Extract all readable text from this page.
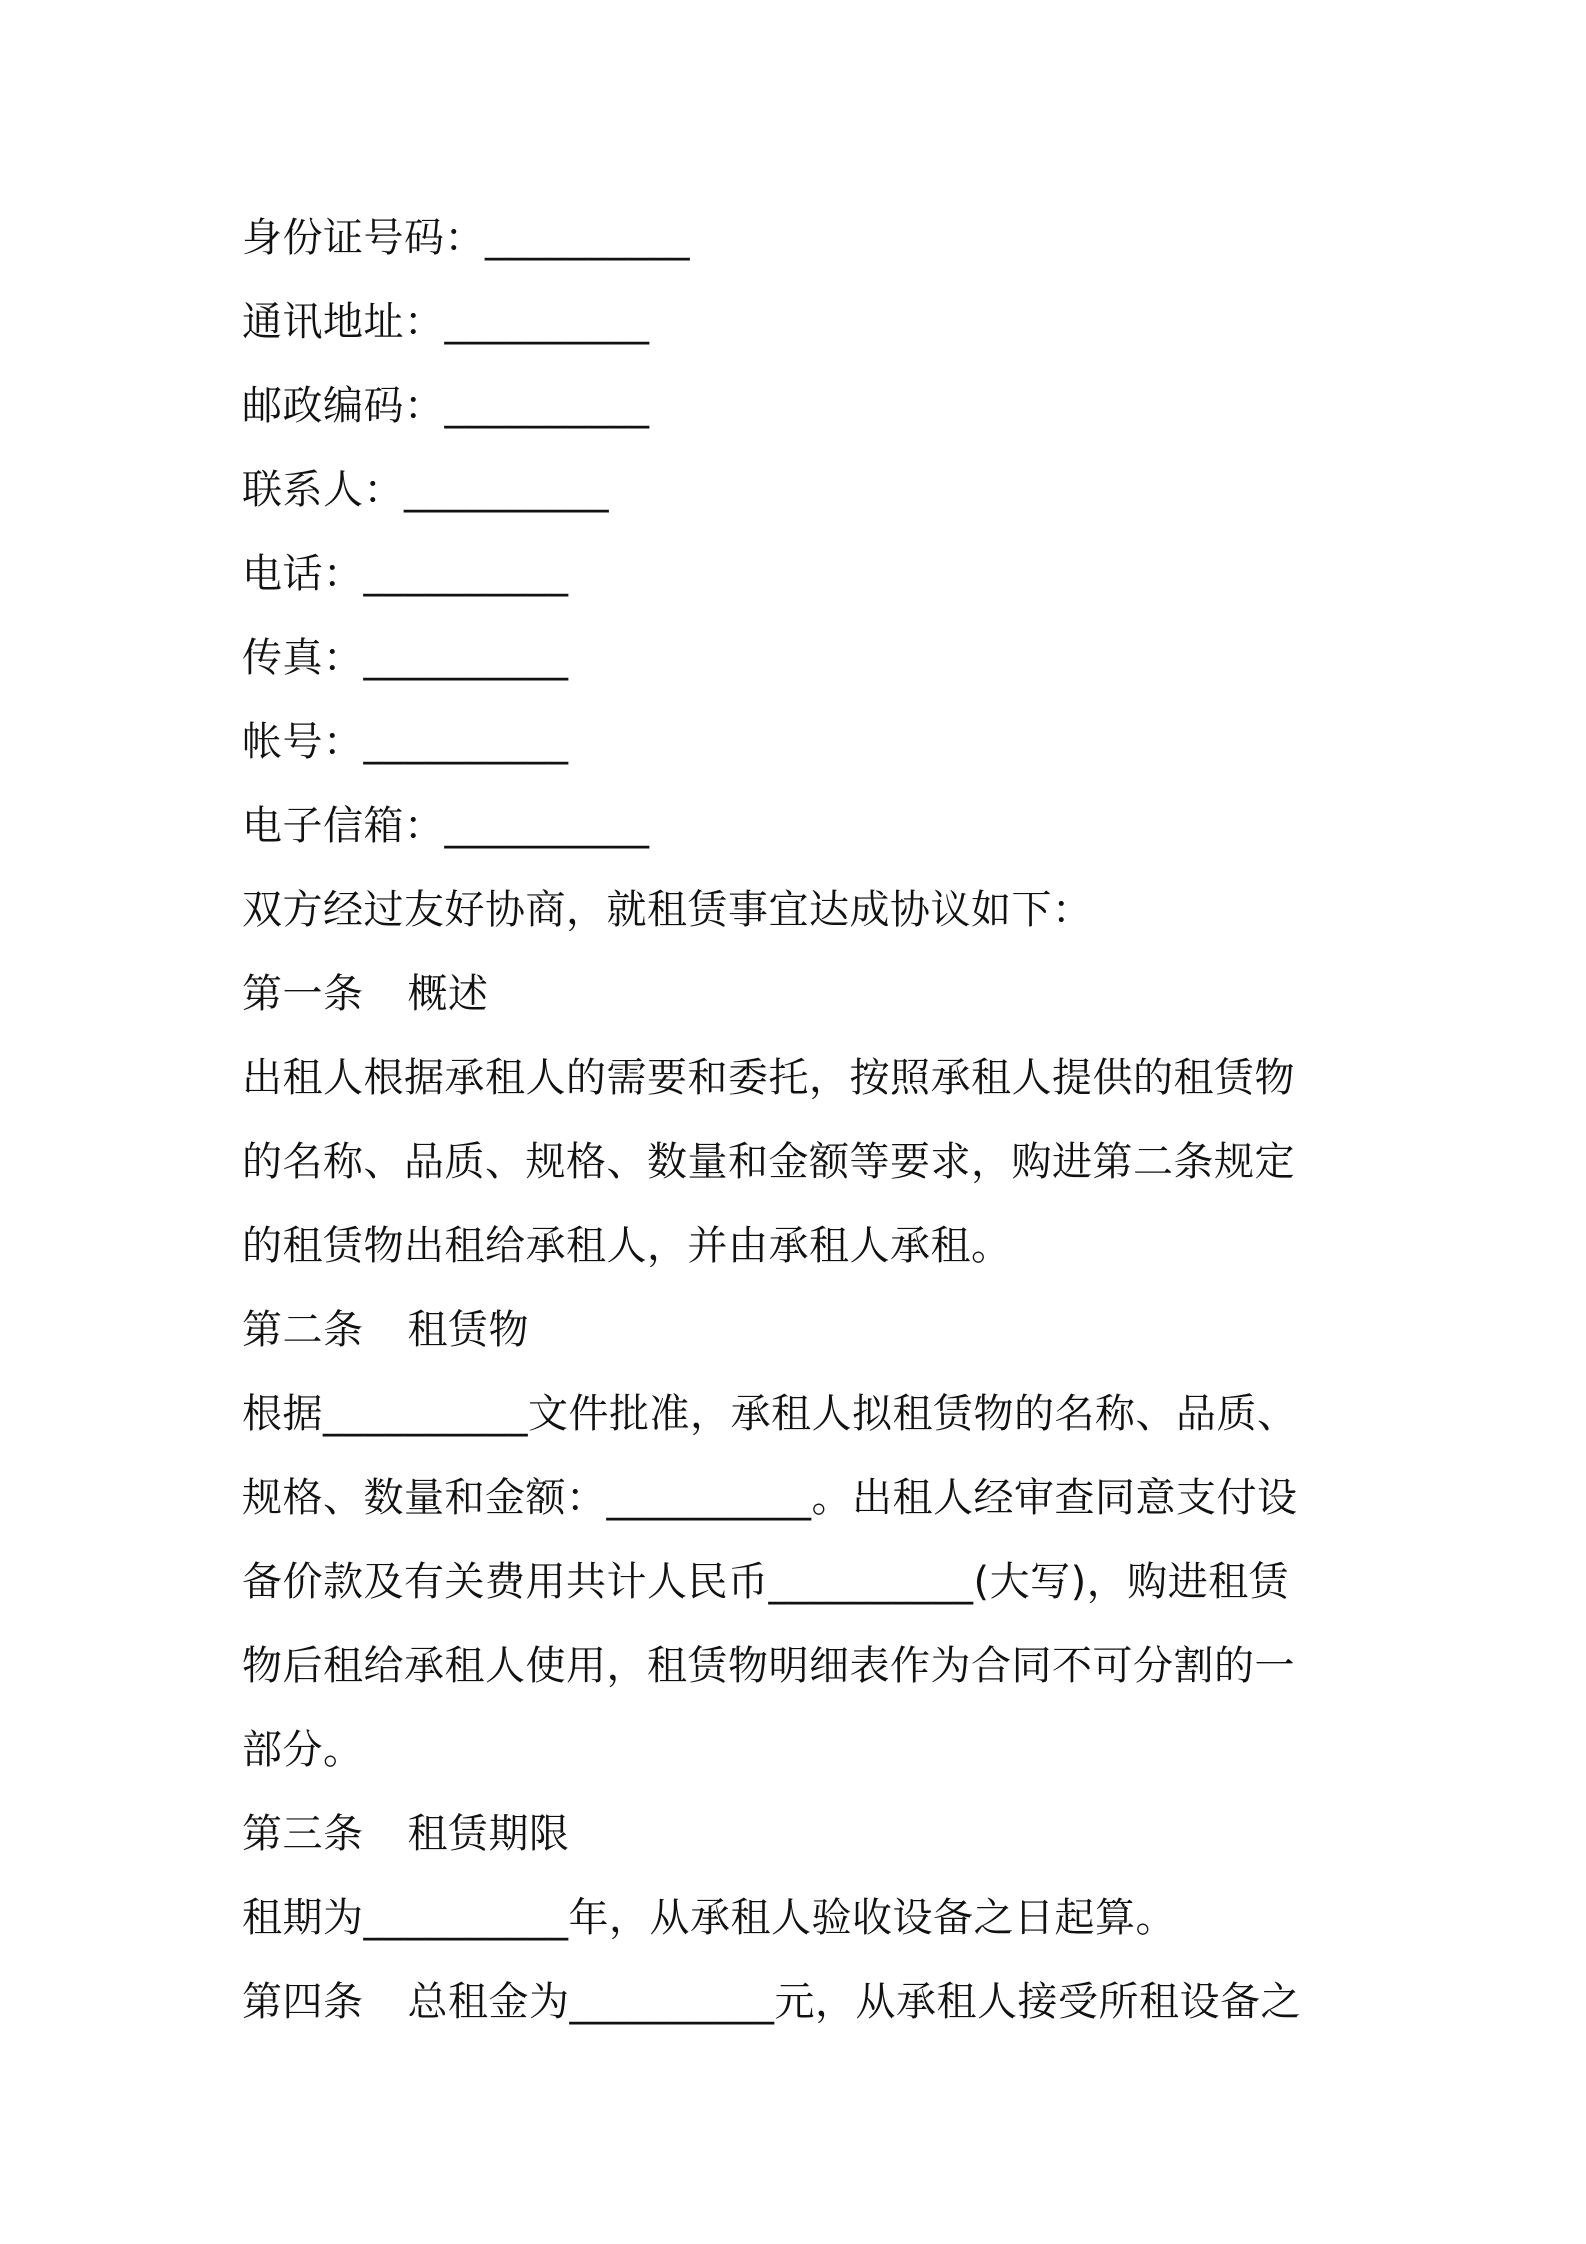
身份证号码：__________
通讯地址：__________
邮政编码：__________
联系人：__________
电话：__________
传真：__________
帐号：__________
电子信箱：__________
双方经过友好协商，就租赁事宜达成协议如下：
第一条 概述
出租人根据承租人的需要和委托，按照承租人提供的租赁物
的名称、品质、规格、数量和金额等要求，购进第二条规定
的租赁物出租给承租人，并由承租人承租。
第二条 租赁物
根据__________文件批准，承租人拟租赁物的名称、品质、
规格、数量和金额：__________。出租人经审查同意支付设
备价款及有关费用共计人民币__________(大写)，购进租赁
物后租给承租人使用，租赁物明细表作为合同不可分割的一
部分。
第三条 租赁期限
租期为__________年，从承租人验收设备之日起算。
第四条 总租金为__________元，从承租人接受所租设备之
